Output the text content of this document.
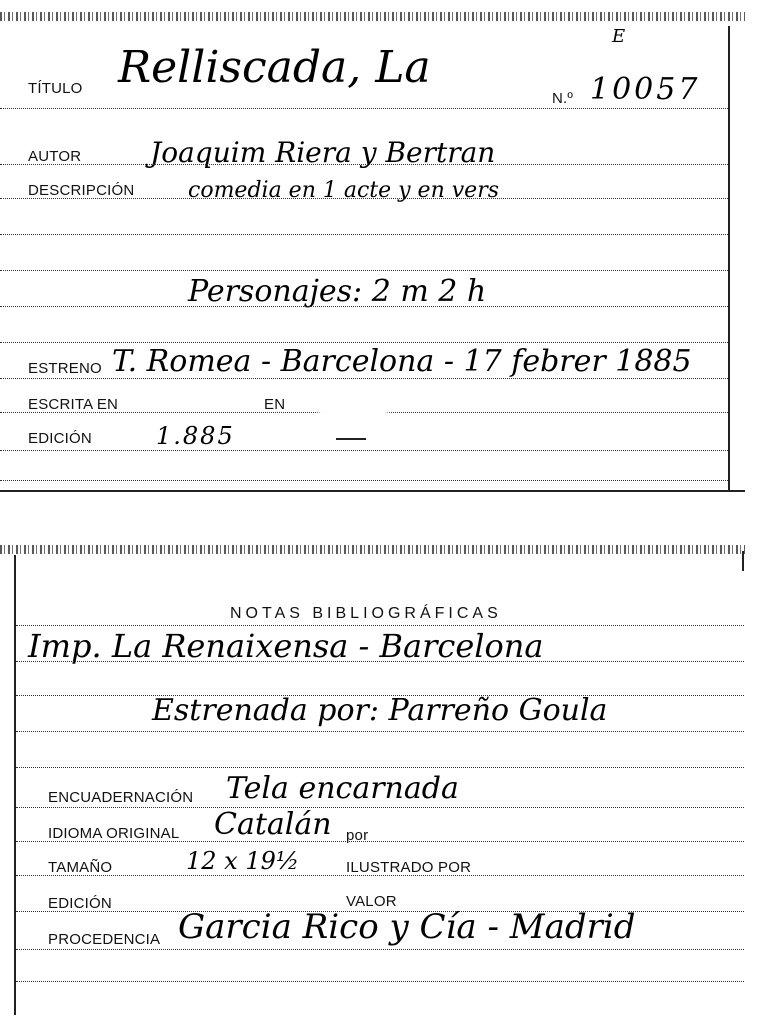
E
TÍTULO Relliscada, La
N.º 10057
AUTOR Joaquim Riera y Bertran
DESCRIPCIÓN comedia en 1 acte y en vers
Personajes: 2 m 2 h
ESTRENO T. Romea - Barcelona - 17 febrer 1885
ESCRITA EN	EN
EDICIÓN	1.885
NOTAS BIBLIOGRÁFICAS
Imp. La Renaixensa - Barcelona
Estrenada por: Parreño Goula
ENCUADERNACIÓN Tela encarnada
IDIOMA ORIGINAL Catalán por
TAMAÑO	12 x 19½	ILUSTRADO POR
EDICIÓN	VALOR
PROCEDENCIA Garcia Rico y Cía - Madrid
